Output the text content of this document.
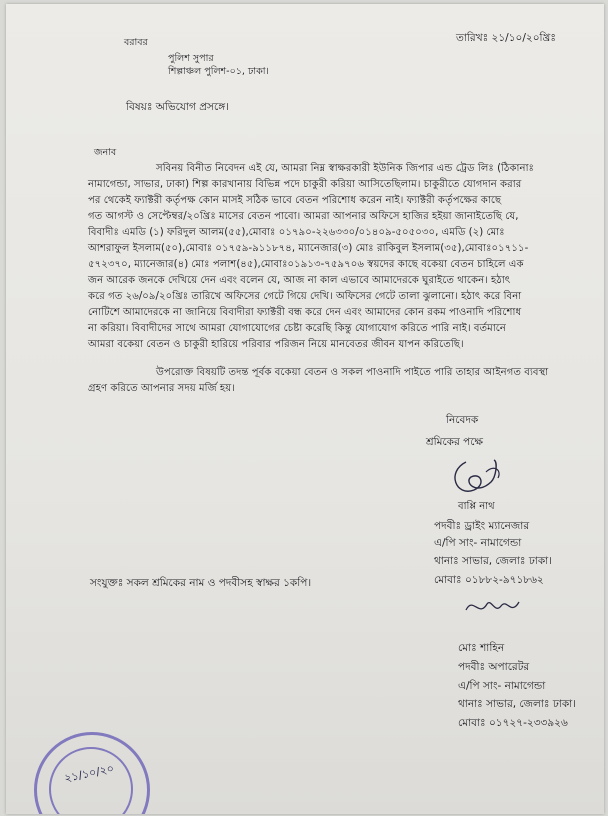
বরাবর	তারিখঃ ২১/১০/২০খ্রিঃ
পুলিশ সুপার
শিল্পাঞ্চল পুলিশ-০১, ঢাকা।
বিষয়ঃ অভিযোগ প্রসঙ্গে।
জনাব
সবিনয় বিনীত নিবেদন এই যে, আমরা নিম্ন স্বাক্ষরকারী ইউনিক জিপার এন্ড ট্রেড লিঃ (ঠিকানাঃ
নামাগেন্ডা, সাভার, ঢাকা) শিল্প কারখানায় বিভিন্ন পদে চাকুরী করিয়া আসিতেছিলাম। চাকুরীতে যোগদান করার
পর থেকেই ফ্যাক্টরী কর্তৃপক্ষ কোন মাসই সঠিক ভাবে বেতন পরিশোধ করেন নাই। ফ্যাক্টরী কর্তৃপক্ষের কাছে
গত আগস্ট ও সেপ্টেম্বর/২০খ্রিঃ মাসের বেতন পাবো। আমরা আপনার অফিসে হাজির হইয়া জানাইতেছি যে,
বিবাদীঃ এমডি (১) ফরিদুল আলম(৫৫),মোবাঃ ০১৭৯০-২২৬৩৩০/০১৪০৯-৫০৫০৩০, এমডি (২) মোঃ
আশরাফুল ইসলাম(৫০),মোবাঃ ০১৭৫৯-৯১১৮৭৪, ম্যানেজার(৩) মোঃ রাকিবুল ইসলাম(৩৫),মোবাঃ০১৭১১-
৫৭২৩৭০, ম্যানেজার(৪) মোঃ পলাশ(৪৫),মোবাঃ০১৯১৩-৭৫৯৭০৬ স্বয়দের কাছে বকেয়া বেতন চাহিলে এক
জন আরেক জনকে দেখিয়ে দেন এবং বলেন যে, আজ না কাল এভাবে আমাদেরকে ঘুরাইতে থাকেন। হঠাৎ
করে গত ২৬/০৯/২০খ্রিঃ তারিখে অফিসের গেটে গিয়ে দেখি। অফিসের গেটে তালা ঝুলানো। হঠাৎ করে বিনা
নোটিশে আমাদেরকে না জানিয়ে বিবাদীরা ফ্যাক্টরী বন্ধ করে দেন এবং আমাদের কোন রকম পাওনাদি পরিশোধ
না করিয়া। বিবাদীদের সাথে আমরা যোগাযোগের চেষ্টা করেছি কিন্তু যোগাযোগ করিতে পারি নাই। বর্তমানে
আমরা বকেয়া বেতন ও চাকুরী হারিয়ে পরিবার পরিজন নিয়ে মানবেতর জীবন যাপন করিতেছি।
উপরোক্ত বিষয়টি তদন্ত পূর্বক বকেয়া বেতন ও সকল পাওনাদি পাইতে পারি তাহার আইনগত ব্যবস্থা
গ্রহণ করিতে আপনার সদয় মর্জি হয়।
নিবেদক
শ্রমিকের পক্ষে
বাপ্পি নাথ
পদবীঃ ড্রাইং ম্যানেজার
এ/পি সাং- নামাগেন্ডা
থানাঃ সাভার, জেলাঃ ঢাকা।
মোবাঃ ০১৮৮২-৯৭১৮৬২
সংযুক্তঃ সকল শ্রমিকের নাম ও পদবীসহ স্বাক্ষর ১কপি।
মোঃ শাহিন
পদবীঃ অপারেটর
এ/পি সাং- নামাগেন্ডা
থানাঃ সাভার, জেলাঃ ঢাকা।
মোবাঃ ০১৭২৭-২৩৩৯২৬
২১/১০/২০
